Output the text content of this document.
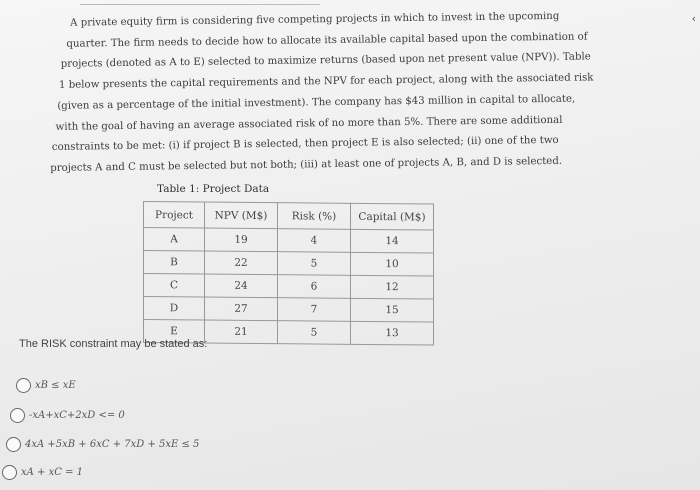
‹
A private equity firm is considering five competing projects in which to invest in the upcoming
quarter. The firm needs to decide how to allocate its available capital based upon the combination of
projects (denoted as A to E) selected to maximize returns (based upon net present value (NPV)). Table
1 below presents the capital requirements and the NPV for each project, along with the associated risk
(given as a percentage of the initial investment). The company has $43 million in capital to allocate,
with the goal of having an average associated risk of no more than 5%. There are some additional
constraints to be met: (i) if project B is selected, then project E is also selected; (ii) one of the two
projects A and C must be selected but not both; (iii) at least one of projects A, B, and D is selected.
Table 1: Project Data
Project	NPV (M$)	Risk (%)	Capital (M$)
A	19	4	14
B	22	5	10
C	24	6	12
D	27	7	15
E	21	5	13
The RISK constraint may be stated as:
xB ≤ xE
-xA+xC+2xD <= 0
4xA +5xB + 6xC + 7xD + 5xE ≤ 5
xA + xC = 1
